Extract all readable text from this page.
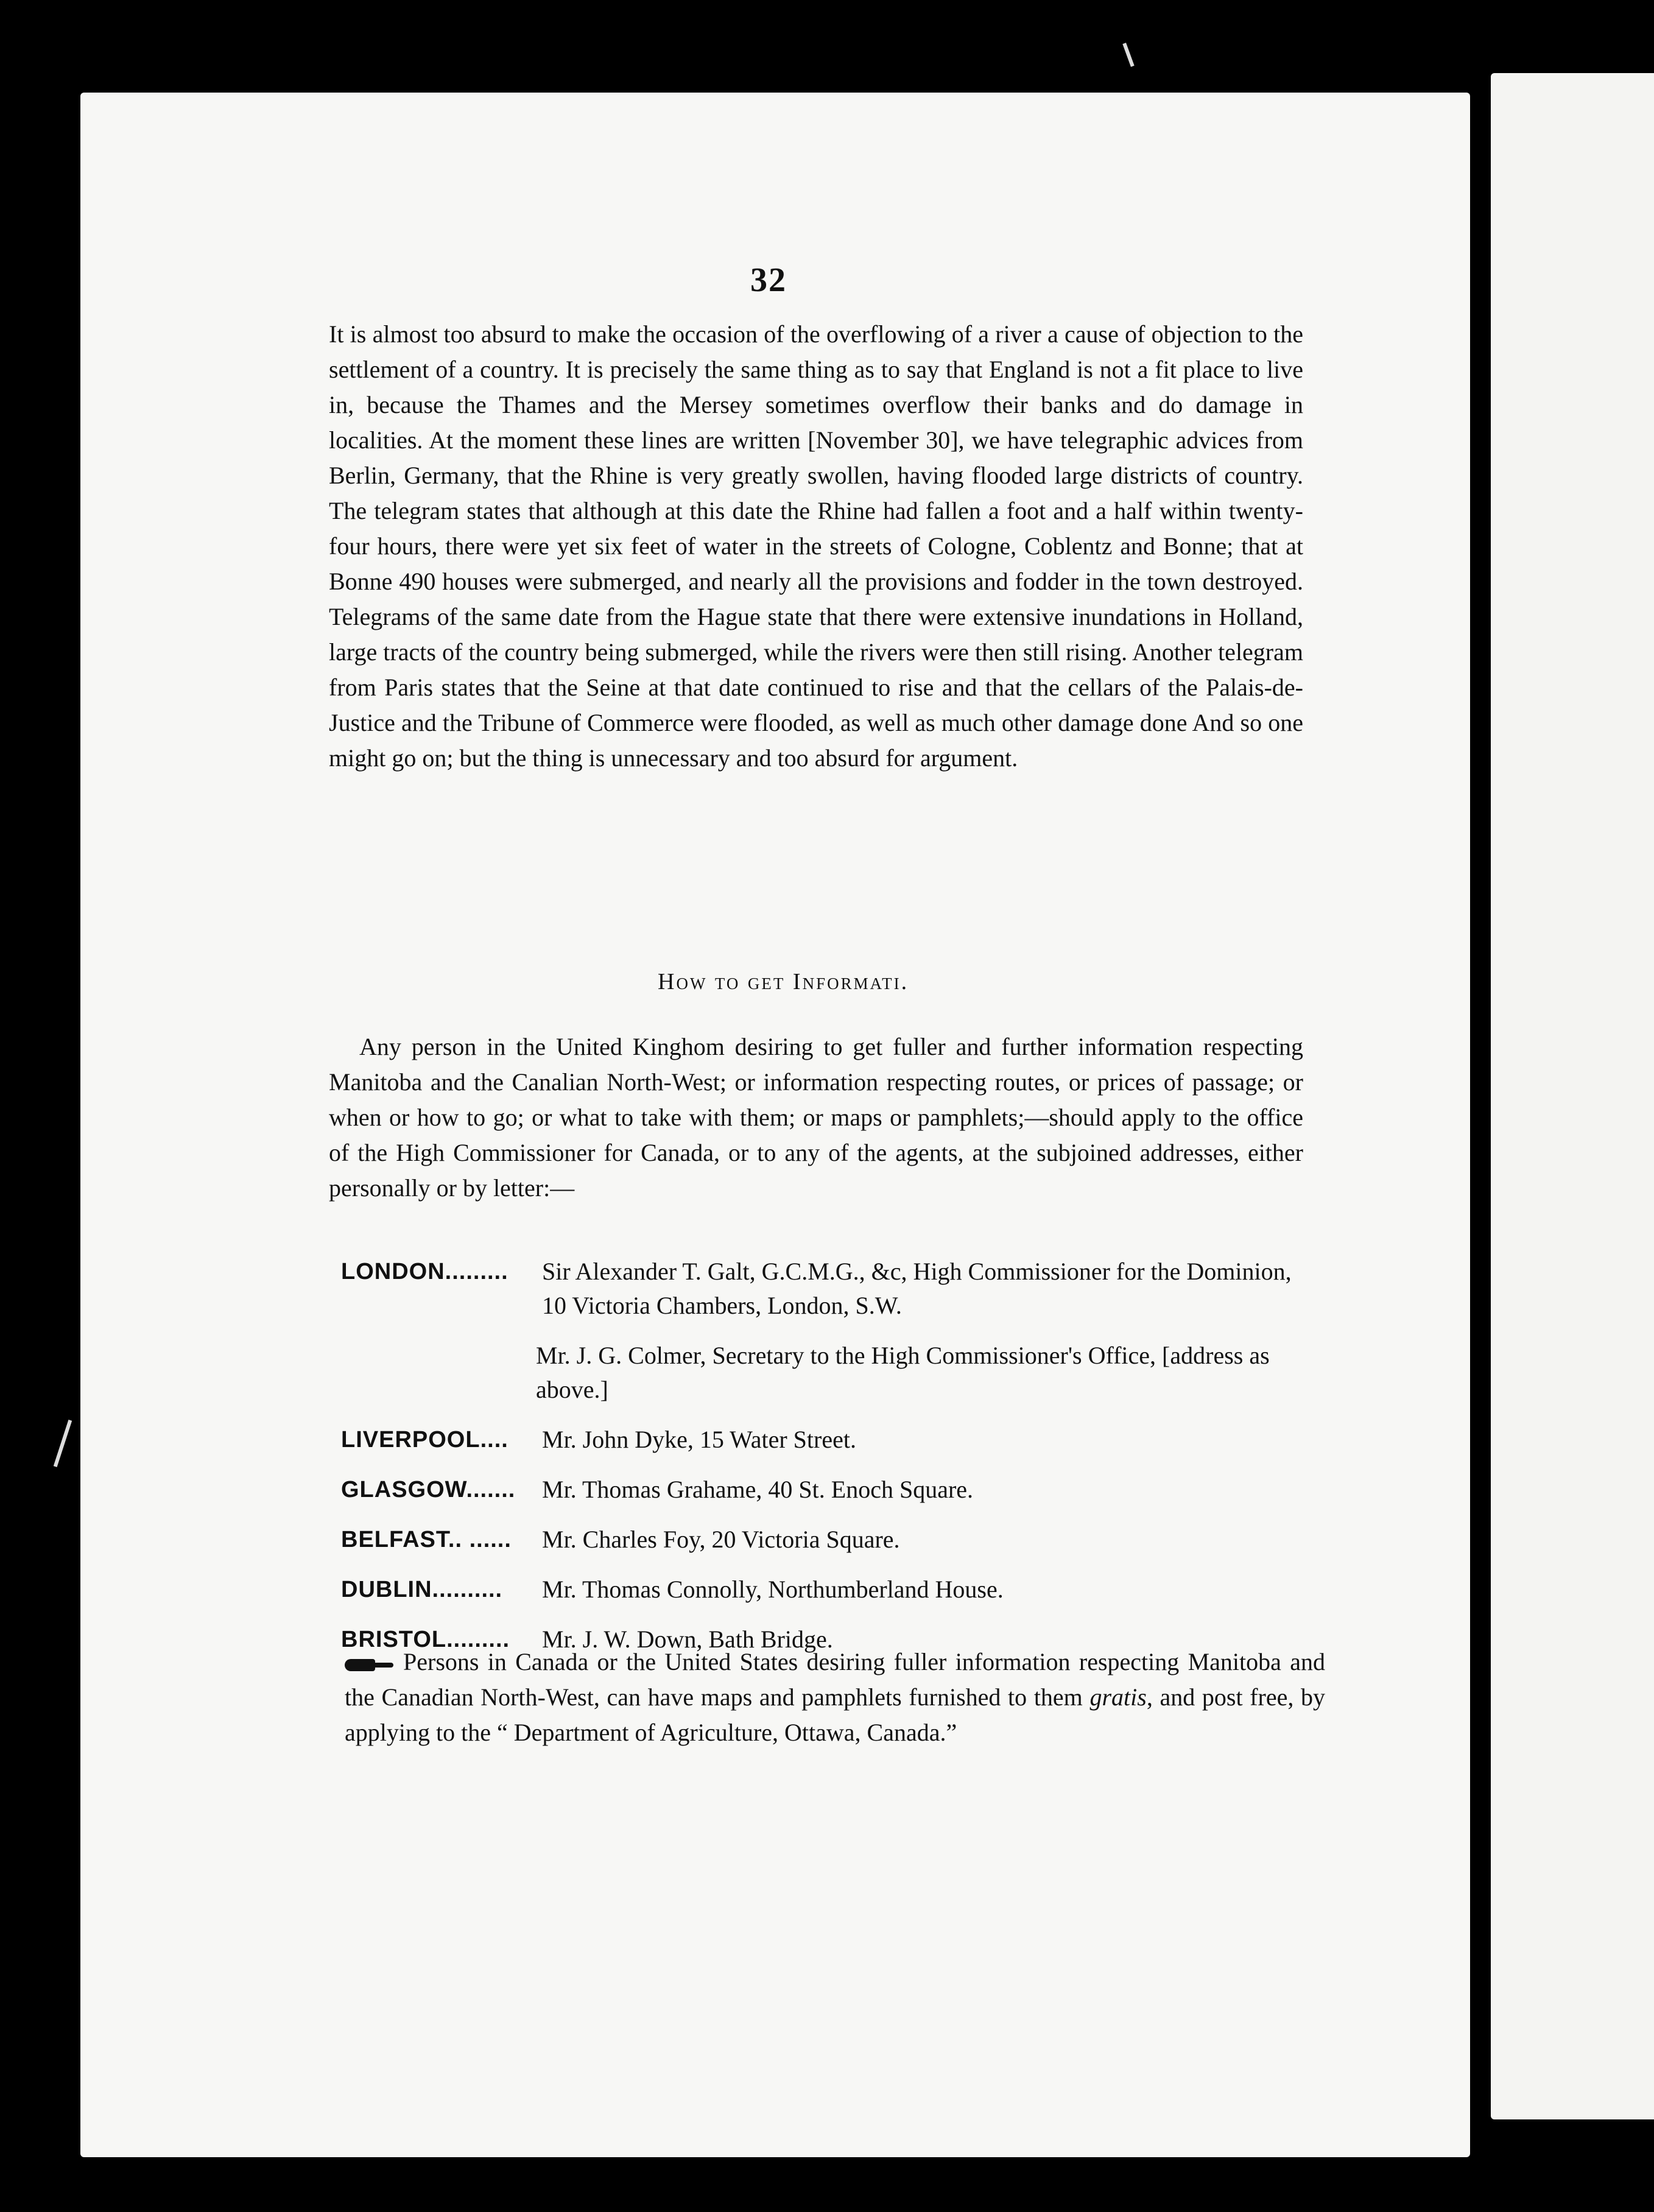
32
It is almost too absurd to make the occasion of the overflowing of a river a cause of objection to the settlement of a country. It is precisely the same thing as to say that England is not a fit place to live in, because the Thames and the Mersey sometimes overflow their banks and do damage in localities. At the moment these lines are written [November 30], we have telegraphic advices from Berlin, Germany, that the Rhine is very greatly swollen, having flooded large districts of country. The telegram states that although at this date the Rhine had fallen a foot and a half within twenty-four hours, there were yet six feet of water in the streets of Cologne, Coblentz and Bonne; that at Bonne 490 houses were submerged, and nearly all the provisions and fodder in the town destroyed. Telegrams of the same date from the Hague state that there were extensive inundations in Holland, large tracts of the country being submerged, while the rivers were then still rising. Another telegram from Paris states that the Seine at that date continued to rise and that the cellars of the Palais-de-Justice and the Tribune of Commerce were flooded, as well as much other damage done And so one might go on; but the thing is unnecessary and too absurd for argument.
How to get Informati.
Any person in the United Kinghom desiring to get fuller and further information respecting Manitoba and the Canalian North-West; or information respecting routes, or prices of passage; or when or how to go; or what to take with them; or maps or pamphlets;—should apply to the office of the High Commissioner for Canada, or to any of the agents, at the subjoined addresses, either personally or by letter:—
LONDON.........	Sir Alexander T. Galt, G.C.M.G., &c, High Commissioner for the Dominion, 10 Victoria Chambers, London, S.W.
Mr. J. G. Colmer, Secretary to the High Commissioner's Office, [address as above.]
LIVERPOOL....	Mr. John Dyke, 15 Water Street.
GLASGOW.......	Mr. Thomas Grahame, 40 St. Enoch Square.
BELFAST.. ......	Mr. Charles Foy, 20 Victoria Square.
DUBLIN..........	Mr. Thomas Connolly, Northumberland House.
BRISTOL.........	Mr. J. W. Down, Bath Bridge.
Persons in Canada or the United States desiring fuller information respecting Manitoba and the Canadian North-West, can have maps and pamphlets furnished to them gratis, and post free, by applying to the “ Department of Agriculture, Ottawa, Canada.”
